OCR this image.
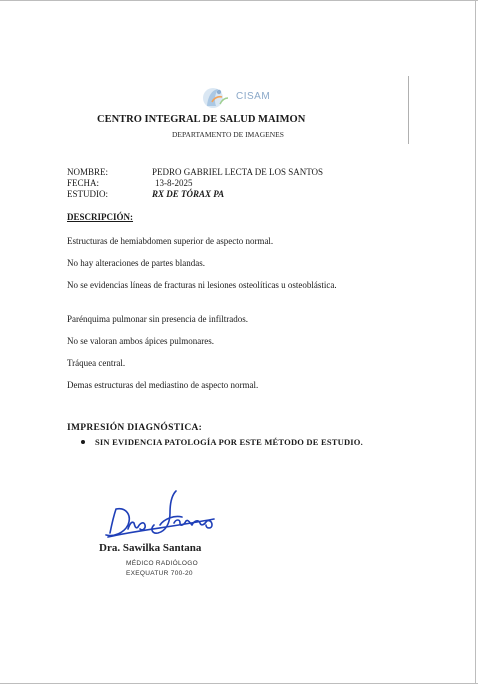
CISAM
CENTRO INTEGRAL DE SALUD MAIMON
DEPARTAMENTO DE IMAGENES
NOMBRE:	PEDRO GABRIEL LECTA DE LOS SANTOS
FECHA:	13-8-2025
ESTUDIO:	RX DE TÓRAX PA
DESCRIPCIÓN:
Estructuras de hemiabdomen superior de aspecto normal.
No hay alteraciones de partes blandas.
No se evidencias líneas de fracturas ni lesiones osteolíticas u osteoblástica.
Parénquima pulmonar sin presencia de infiltrados.
No se valoran ambos ápices pulmonares.
Tráquea central.
Demas estructuras del mediastino de aspecto normal.
IMPRESIÓN DIAGNÓSTICA:
SIN EVIDENCIA PATOLOGÍA POR ESTE MÉTODO DE ESTUDIO.
Dra. Sawilka Santana
MÉDICO RADIÓLOGO
EXEQUATUR 700-20
